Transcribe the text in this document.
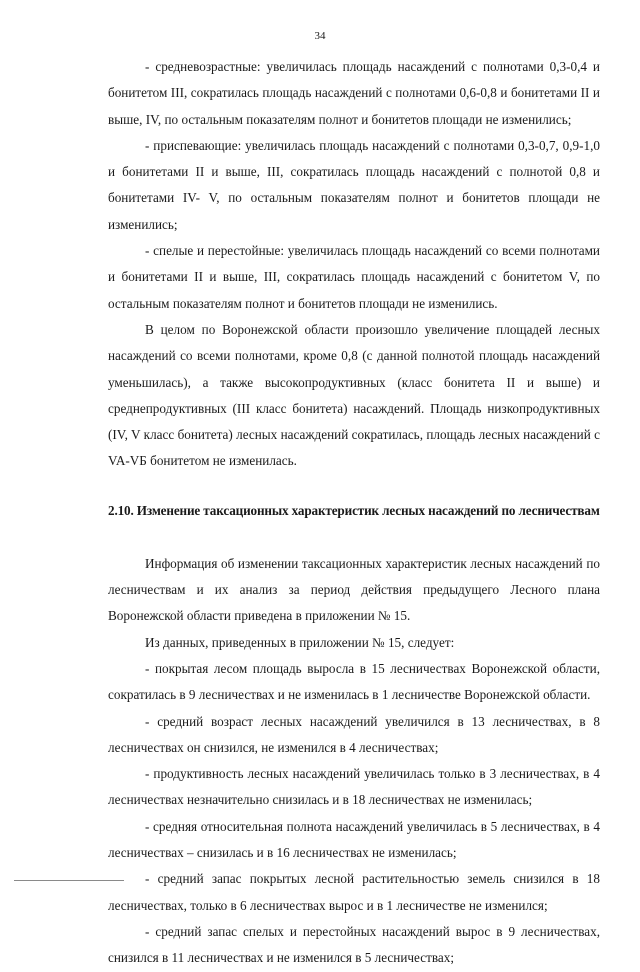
34

- средневозрастные: увеличилась площадь насаждений с полнотами 0,3-0,4 и бонитетом III, сократилась площадь насаждений с полнотами 0,6-0,8 и бонитетами II и выше, IV, по остальным показателям полнот и бонитетов площади не изменились;

- приспевающие: увеличилась площадь насаждений с полнотами 0,3-0,7, 0,9-1,0 и бонитетами II и выше, III, сократилась площадь насаждений с полнотой 0,8 и бонитетами IV- V, по остальным показателям полнот и бонитетов площади не изменились;

- спелые и перестойные: увеличилась площадь насаждений со всеми полнотами и бонитетами II и выше, III, сократилась площадь насаждений с бонитетом V, по остальным показателям полнот и бонитетов площади не изменились.

В целом по Воронежской области произошло увеличение площадей лесных насаждений со всеми полнотами, кроме 0,8 (с данной полнотой площадь насаждений уменьшилась), а также высокопродуктивных (класс бонитета II и выше) и среднепродуктивных (III класс бонитета) насаждений. Площадь низкопродуктивных (IV, V класс бонитета) лесных насаждений сократилась, площадь лесных насаждений с VA-VБ бонитетом не изменилась.

2.10. Изменение таксационных характеристик лесных насаждений по лесничествам

Информация об изменении таксационных характеристик лесных насаждений по лесничествам и их анализ за период действия предыдущего Лесного плана Воронежской области приведена в приложении № 15.

Из данных, приведенных в приложении № 15, следует:

- покрытая лесом площадь выросла в 15 лесничествах Воронежской области, сократилась в 9 лесничествах и не изменилась в 1 лесничестве Воронежской области.

- средний возраст лесных насаждений увеличился в 13 лесничествах, в 8 лесничествах он снизился, не изменился в 4 лесничествах;

- продуктивность лесных насаждений увеличилась только в 3 лесничествах, в 4 лесничествах незначительно снизилась и в 18 лесничествах не изменилась;

- средняя относительная полнота насаждений увеличилась в 5 лесничествах, в 4 лесничествах – снизилась и в 16 лесничествах не изменилась;

- средний запас покрытых лесной растительностью земель снизился в 18 лесничествах, только в 6 лесничествах вырос и в 1 лесничестве не изменился;

- средний запас спелых и перестойных насаждений вырос в 9 лесничествах, снизился в 11 лесничествах и не изменился в 5 лесничествах;
